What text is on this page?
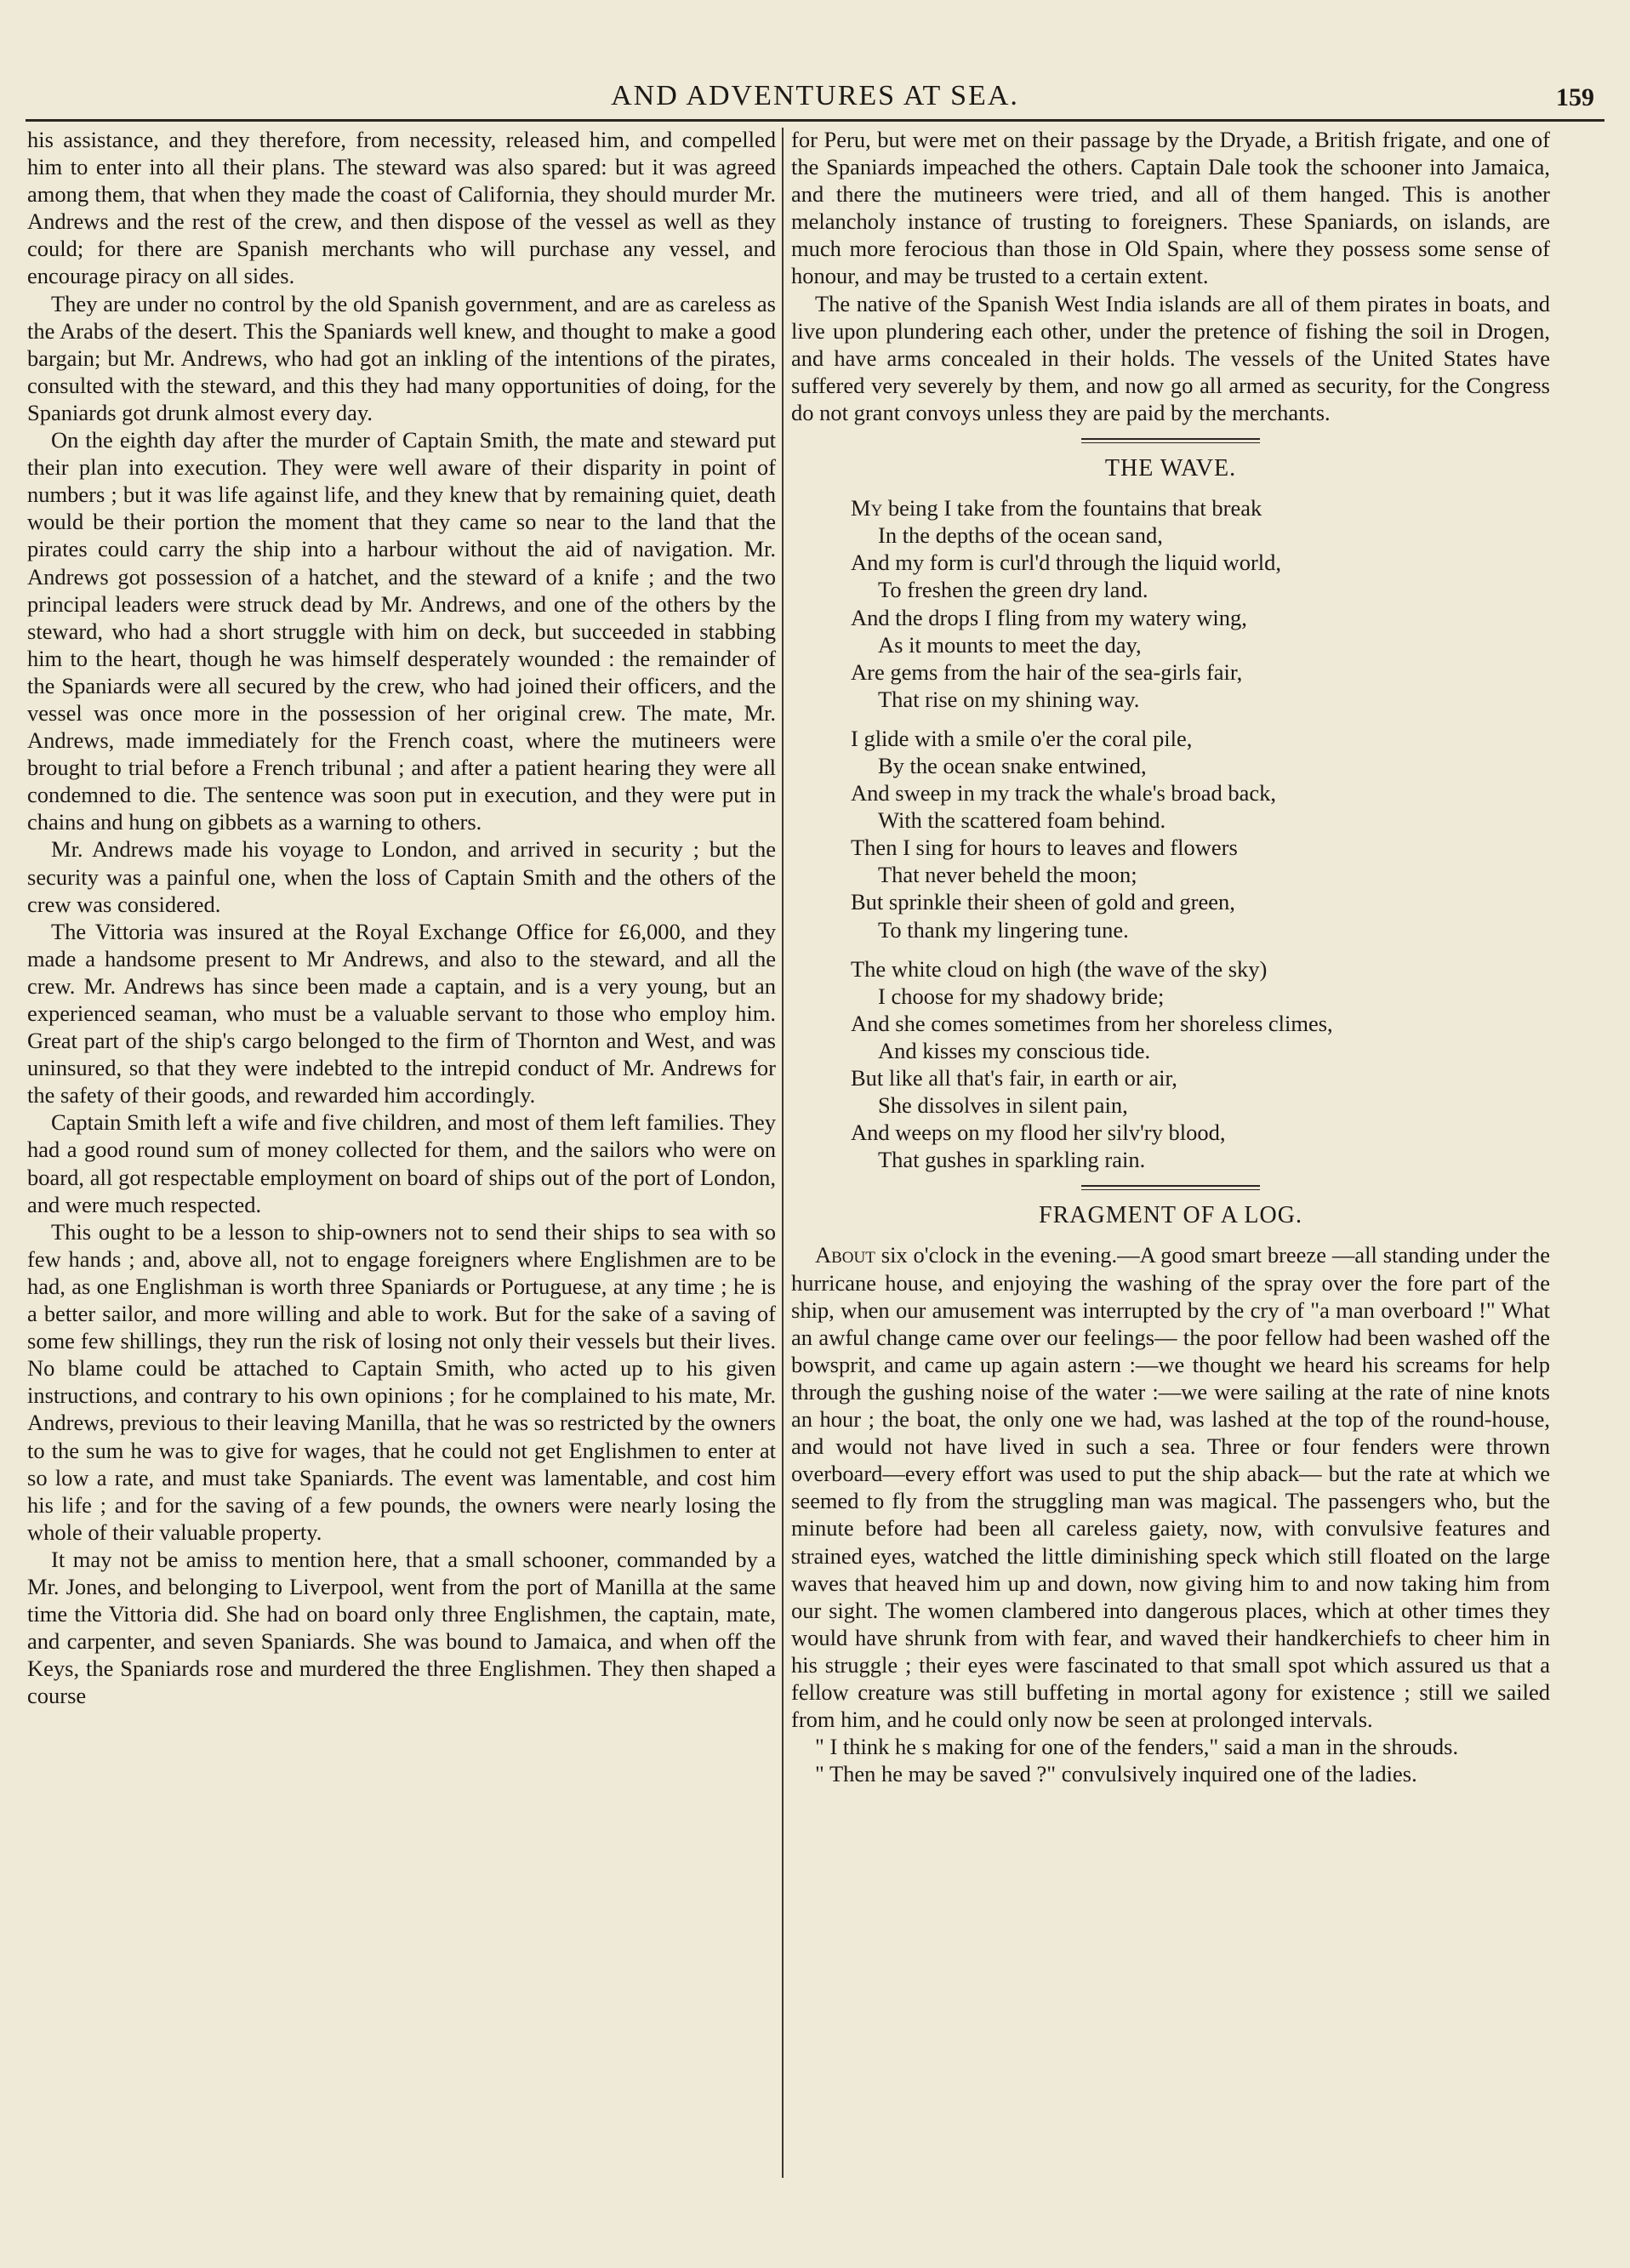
AND ADVENTURES AT SEA.	159

his assistance, and they therefore, from necessity, released him, and compelled him to enter into all their plans. The steward was also spared: but it was agreed among them, that when they made the coast of California, they should murder Mr. Andrews and the rest of the crew, and then dispose of the vessel as well as they could; for there are Spanish merchants who will purchase any vessel, and encourage piracy on all sides.

They are under no control by the old Spanish government, and are as careless as the Arabs of the desert. This the Spaniards well knew, and thought to make a good bargain; but Mr. Andrews, who had got an inkling of the intentions of the pirates, consulted with the steward, and this they had many opportunities of doing, for the Spaniards got drunk almost every day.

On the eighth day after the murder of Captain Smith, the mate and steward put their plan into execution. They were well aware of their disparity in point of numbers ; but it was life against life, and they knew that by remaining quiet, death would be their portion the moment that they came so near to the land that the pirates could carry the ship into a harbour without the aid of navigation. Mr. Andrews got possession of a hatchet, and the steward of a knife ; and the two principal leaders were struck dead by Mr. Andrews, and one of the others by the steward, who had a short struggle with him on deck, but succeeded in stabbing him to the heart, though he was himself desperately wounded : the remainder of the Spaniards were all secured by the crew, who had joined their officers, and the vessel was once more in the possession of her original crew. The mate, Mr. Andrews, made immediately for the French coast, where the mutineers were brought to trial before a French tribunal ; and after a patient hearing they were all condemned to die. The sentence was soon put in execution, and they were put in chains and hung on gibbets as a warning to others.

Mr. Andrews made his voyage to London, and arrived in security ; but the security was a painful one, when the loss of Captain Smith and the others of the crew was considered.

The Vittoria was insured at the Royal Exchange Office for £6,000, and they made a handsome present to Mr Andrews, and also to the steward, and all the crew. Mr. Andrews has since been made a captain, and is a very young, but an experienced seaman, who must be a valuable servant to those who employ him. Great part of the ship's cargo belonged to the firm of Thornton and West, and was uninsured, so that they were indebted to the intrepid conduct of Mr. Andrews for the safety of their goods, and rewarded him accordingly.

Captain Smith left a wife and five children, and most of them left families. They had a good round sum of money collected for them, and the sailors who were on board, all got respectable employment on board of ships out of the port of London, and were much respected.

This ought to be a lesson to ship-owners not to send their ships to sea with so few hands ; and, above all, not to engage foreigners where Englishmen are to be had, as one Englishman is worth three Spaniards or Portuguese, at any time ; he is a better sailor, and more willing and able to work. But for the sake of a saving of some few shillings, they run the risk of losing not only their vessels but their lives. No blame could be attached to Captain Smith, who acted up to his given instructions, and contrary to his own opinions ; for he complained to his mate, Mr. Andrews, previous to their leaving Manilla, that he was so restricted by the owners to the sum he was to give for wages, that he could not get Englishmen to enter at so low a rate, and must take Spaniards. The event was lamentable, and cost him his life ; and for the saving of a few pounds, the owners were nearly losing the whole of their valuable property.

It may not be amiss to mention here, that a small schooner, commanded by a Mr. Jones, and belonging to Liverpool, went from the port of Manilla at the same time the Vittoria did. She had on board only three Englishmen, the captain, mate, and carpenter, and seven Spaniards. She was bound to Jamaica, and when off the Keys, the Spaniards rose and murdered the three Englishmen. They then shaped a course

for Peru, but were met on their passage by the Dryade, a British frigate, and one of the Spaniards impeached the others. Captain Dale took the schooner into Jamaica, and there the mutineers were tried, and all of them hanged. This is another melancholy instance of trusting to foreigners. These Spaniards, on islands, are much more ferocious than those in Old Spain, where they possess some sense of honour, and may be trusted to a certain extent.

The native of the Spanish West India islands are all of them pirates in boats, and live upon plundering each other, under the pretence of fishing the soil in Drogen, and have arms concealed in their holds. The vessels of the United States have suffered very severely by them, and now go all armed as security, for the Congress do not grant convoys unless they are paid by the merchants.

THE WAVE.
My being I take from the fountains that break
In the depths of the ocean sand,
And my form is curl'd through the liquid world,
To freshen the green dry land.
And the drops I fling from my watery wing,
As it mounts to meet the day,
Are gems from the hair of the sea-girls fair,
That rise on my shining way.
I glide with a smile o'er the coral pile,
By the ocean snake entwined,
And sweep in my track the whale's broad back,
With the scattered foam behind.
Then I sing for hours to leaves and flowers
That never beheld the moon;
But sprinkle their sheen of gold and green,
To thank my lingering tune.
The white cloud on high (the wave of the sky)
I choose for my shadowy bride;
And she comes sometimes from her shoreless climes,
And kisses my conscious tide.
But like all that's fair, in earth or air,
She dissolves in silent pain,
And weeps on my flood her silv'ry blood,
That gushes in sparkling rain.
FRAGMENT OF A LOG.

About six o'clock in the evening.—A good smart breeze —all standing under the hurricane house, and enjoying the washing of the spray over the fore part of the ship, when our amusement was interrupted by the cry of "a man overboard !" What an awful change came over our feelings— the poor fellow had been washed off the bowsprit, and came up again astern :—we thought we heard his screams for help through the gushing noise of the water :—we were sailing at the rate of nine knots an hour ; the boat, the only one we had, was lashed at the top of the round-house, and would not have lived in such a sea. Three or four fenders were thrown overboard—every effort was used to put the ship aback— but the rate at which we seemed to fly from the struggling man was magical. The passengers who, but the minute before had been all careless gaiety, now, with convulsive features and strained eyes, watched the little diminishing speck which still floated on the large waves that heaved him up and down, now giving him to and now taking him from our sight. The women clambered into dangerous places, which at other times they would have shrunk from with fear, and waved their handkerchiefs to cheer him in his struggle ; their eyes were fascinated to that small spot which assured us that a fellow creature was still buffeting in mortal agony for existence ; still we sailed from him, and he could only now be seen at prolonged intervals.

" I think he s making for one of the fenders," said a man in the shrouds.

" Then he may be saved ?" convulsively inquired one of the ladies.
